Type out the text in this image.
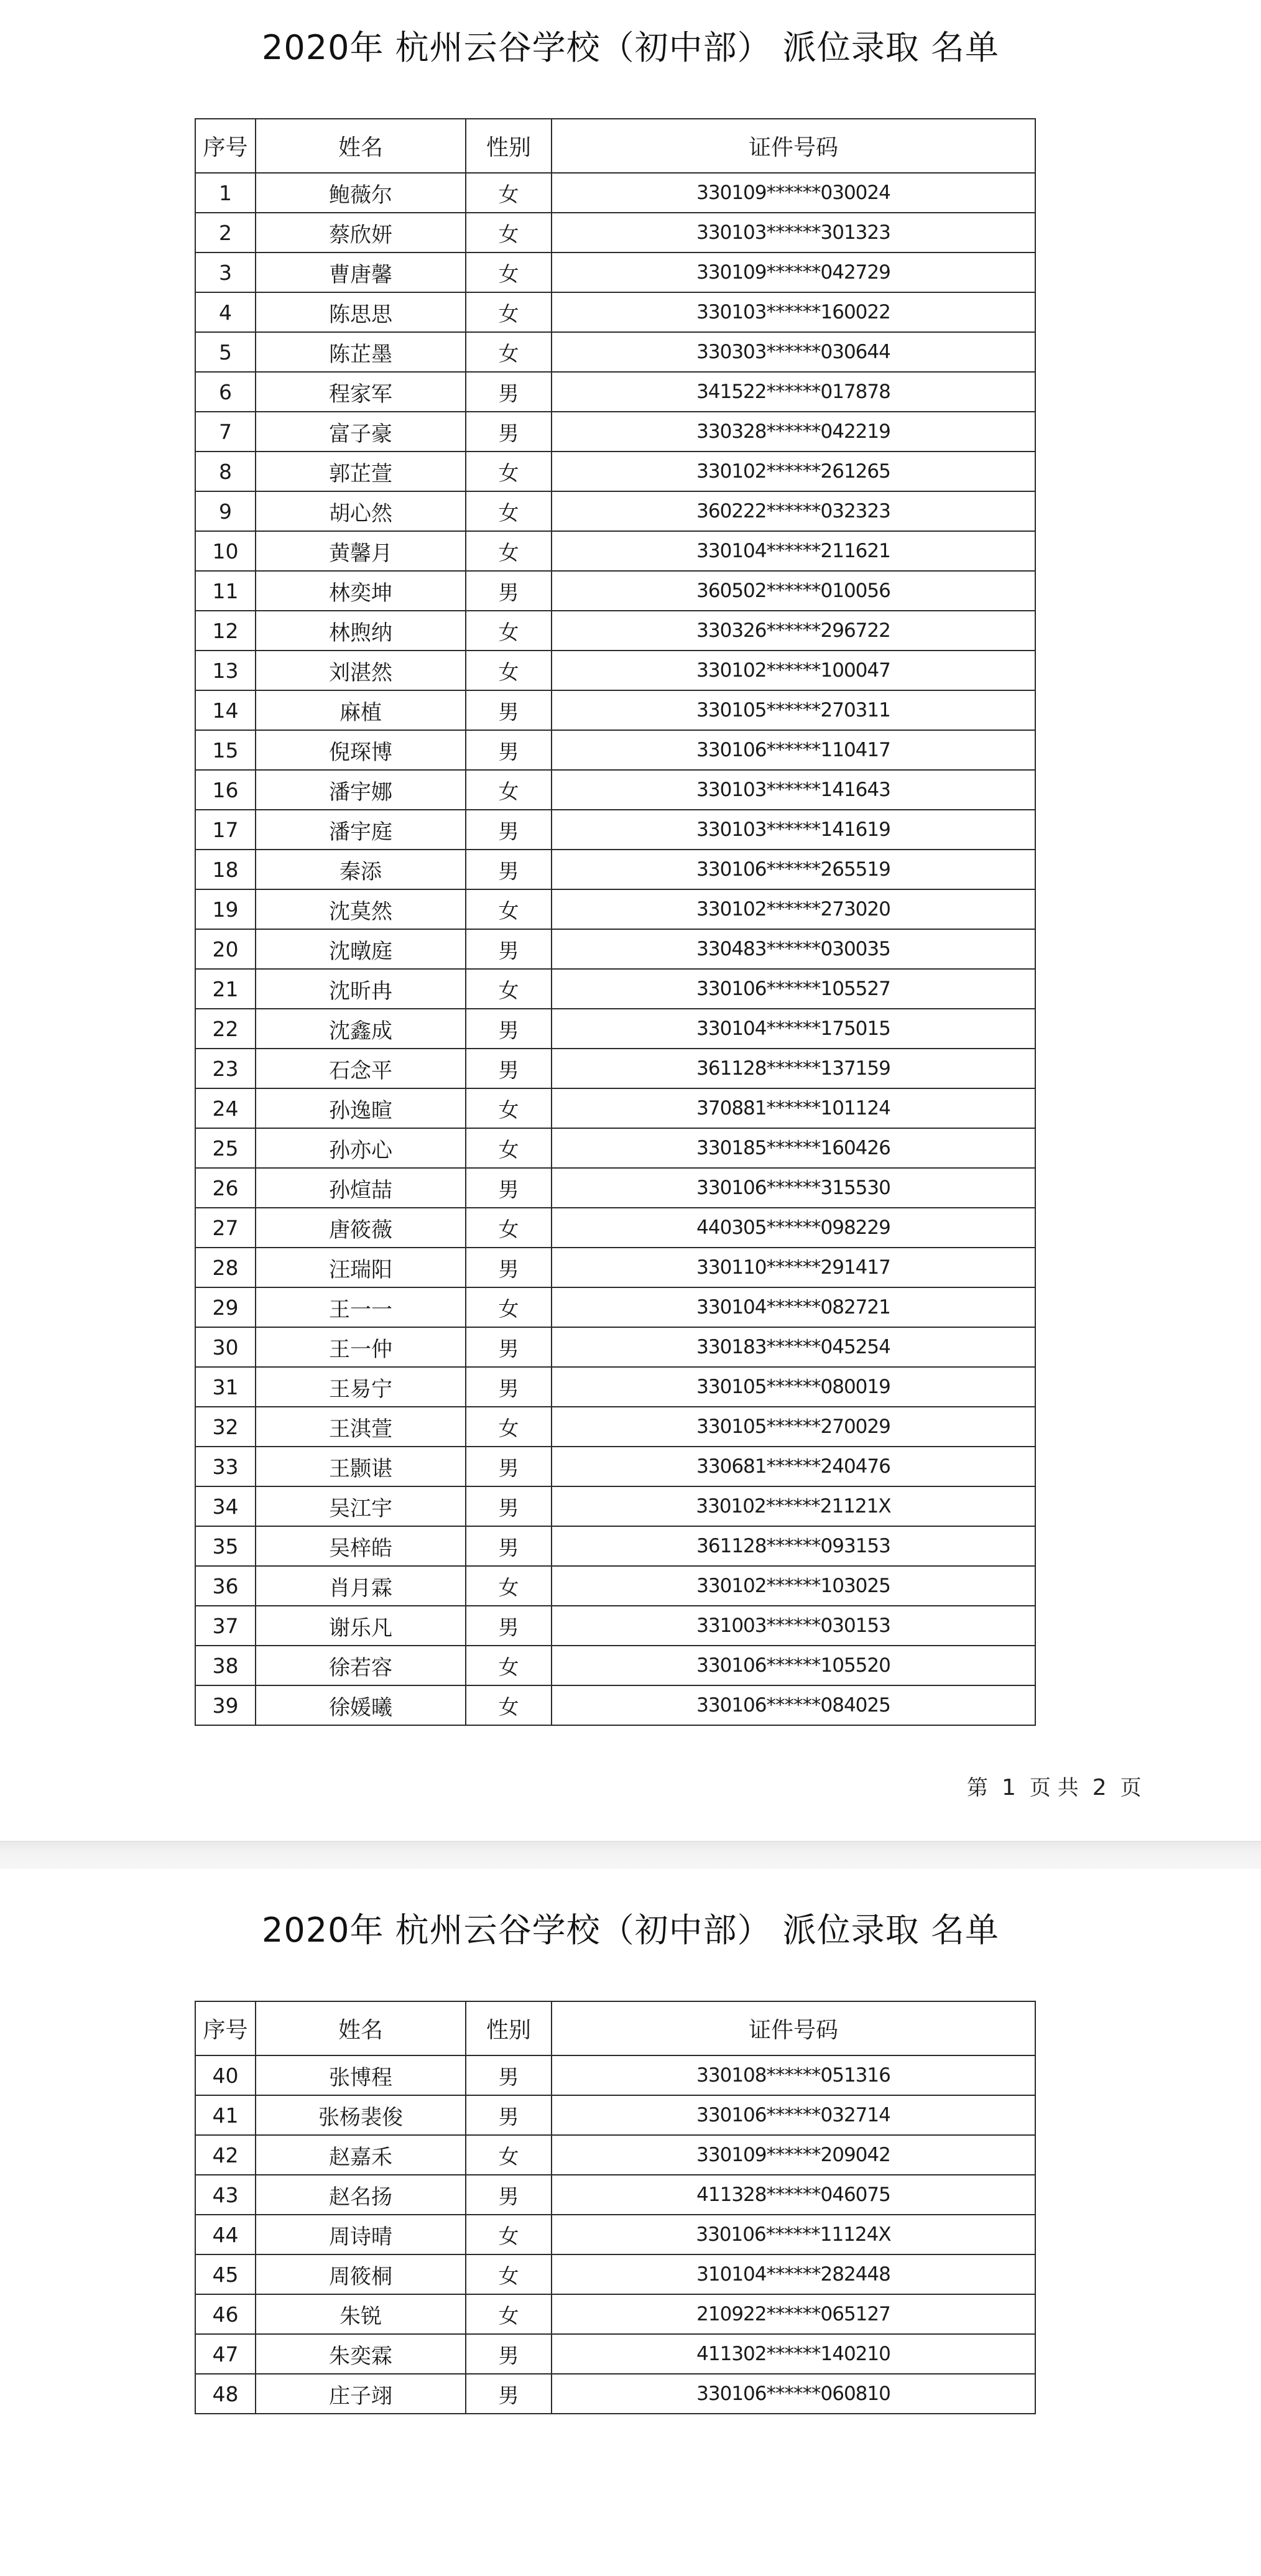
2020年 杭州云谷学校（初中部） 派位录取 名单
序号	姓名	性别	证件号码
1	鲍薇尔	女	330109******030024
2	蔡欣妍	女	330103******301323
3	曹唐馨	女	330109******042729
4	陈思思	女	330103******160022
5	陈芷墨	女	330303******030644
6	程家军	男	341522******017878
7	富子豪	男	330328******042219
8	郭芷萱	女	330102******261265
9	胡心然	女	360222******032323
10	黄馨月	女	330104******211621
11	林奕坤	男	360502******010056
12	林煦纳	女	330326******296722
13	刘湛然	女	330102******100047
14	麻植	男	330105******270311
15	倪琛博	男	330106******110417
16	潘宇娜	女	330103******141643
17	潘宇庭	男	330103******141619
18	秦添	男	330106******265519
19	沈莫然	女	330102******273020
20	沈暾庭	男	330483******030035
21	沈昕冉	女	330106******105527
22	沈鑫成	男	330104******175015
23	石念平	男	361128******137159
24	孙逸暄	女	370881******101124
25	孙亦心	女	330185******160426
26	孙煊喆	男	330106******315530
27	唐筱薇	女	440305******098229
28	汪瑞阳	男	330110******291417
29	王一一	女	330104******082721
30	王一仲	男	330183******045254
31	王易宁	男	330105******080019
32	王淇萱	女	330105******270029
33	王颢谌	男	330681******240476
34	吴江宇	男	330102******21121X
35	吴梓皓	男	361128******093153
36	肖月霖	女	330102******103025
37	谢乐凡	男	331003******030153
38	徐若容	女	330106******105520
39	徐媛曦	女	330106******084025
第 1 页 共 2 页
2020年 杭州云谷学校（初中部） 派位录取 名单
序号	姓名	性别	证件号码
40	张博程	男	330108******051316
41	张杨裴俊	男	330106******032714
42	赵嘉禾	女	330109******209042
43	赵名扬	男	411328******046075
44	周诗晴	女	330106******11124X
45	周筱桐	女	310104******282448
46	朱锐	女	210922******065127
47	朱奕霖	男	411302******140210
48	庄子翊	男	330106******060810
